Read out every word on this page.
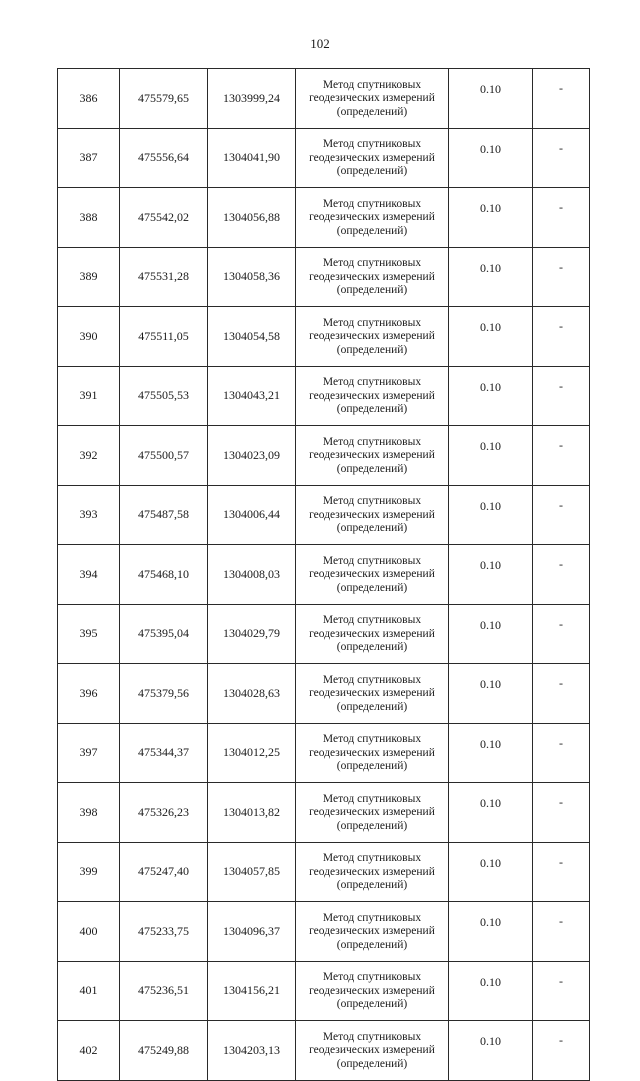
102
386	475579,65	1303999,24	Метод спутниковых
геодезических измерений
(определений)	0.10	-
387	475556,64	1304041,90	Метод спутниковых
геодезических измерений
(определений)	0.10	-
388	475542,02	1304056,88	Метод спутниковых
геодезических измерений
(определений)	0.10	-
389	475531,28	1304058,36	Метод спутниковых
геодезических измерений
(определений)	0.10	-
390	475511,05	1304054,58	Метод спутниковых
геодезических измерений
(определений)	0.10	-
391	475505,53	1304043,21	Метод спутниковых
геодезических измерений
(определений)	0.10	-
392	475500,57	1304023,09	Метод спутниковых
геодезических измерений
(определений)	0.10	-
393	475487,58	1304006,44	Метод спутниковых
геодезических измерений
(определений)	0.10	-
394	475468,10	1304008,03	Метод спутниковых
геодезических измерений
(определений)	0.10	-
395	475395,04	1304029,79	Метод спутниковых
геодезических измерений
(определений)	0.10	-
396	475379,56	1304028,63	Метод спутниковых
геодезических измерений
(определений)	0.10	-
397	475344,37	1304012,25	Метод спутниковых
геодезических измерений
(определений)	0.10	-
398	475326,23	1304013,82	Метод спутниковых
геодезических измерений
(определений)	0.10	-
399	475247,40	1304057,85	Метод спутниковых
геодезических измерений
(определений)	0.10	-
400	475233,75	1304096,37	Метод спутниковых
геодезических измерений
(определений)	0.10	-
401	475236,51	1304156,21	Метод спутниковых
геодезических измерений
(определений)	0.10	-
402	475249,88	1304203,13	Метод спутниковых
геодезических измерений
(определений)	0.10	-
